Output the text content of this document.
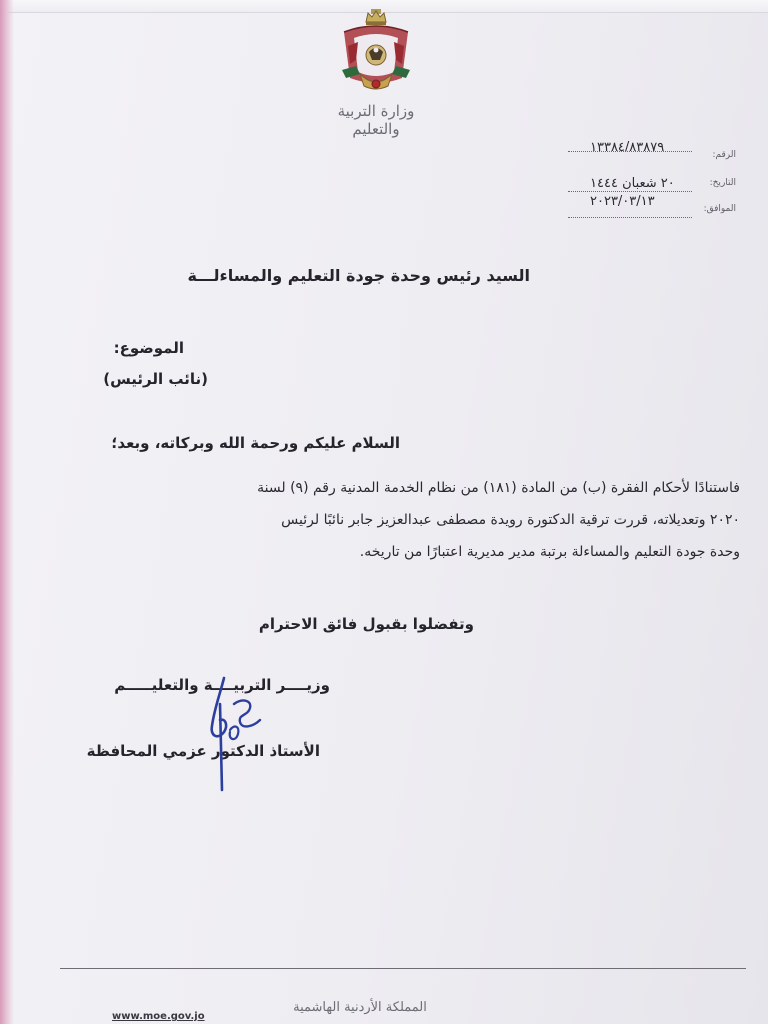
وزارة التربية والتعليم
الرقم:
١٣٣٨٤/٨٣٨٧٩
التاريخ:
٢٠ شعبان ١٤٤٤
الموافق:
٢٠٢٣/٠٣/١٣
السيد رئيس وحدة جودة التعليم والمساءلـــة
الموضوع:
(نائب الرئيس)
السلام عليكم ورحمة الله وبركاته، وبعد؛
فاستنادًا لأحكام الفقرة (ب) من المادة (١٨١) من نظام الخدمة المدنية رقم (٩) لسنة
٢٠٢٠ وتعديلاته، قررت ترقية الدكتورة رويدة مصطفى عبدالعزيز جابر نائبًا لرئيس
وحدة جودة التعليم والمساءلة برتبة مدير مديرية اعتبارًا من تاريخه.
وتفضلوا بقبول فائق الاحترام
وزيــــر التربيــــة والتعليـــــم
الأستاذ الدكتور عزمي المحافظة
المملكة الأردنية الهاشمية
www.moe.gov.jo
